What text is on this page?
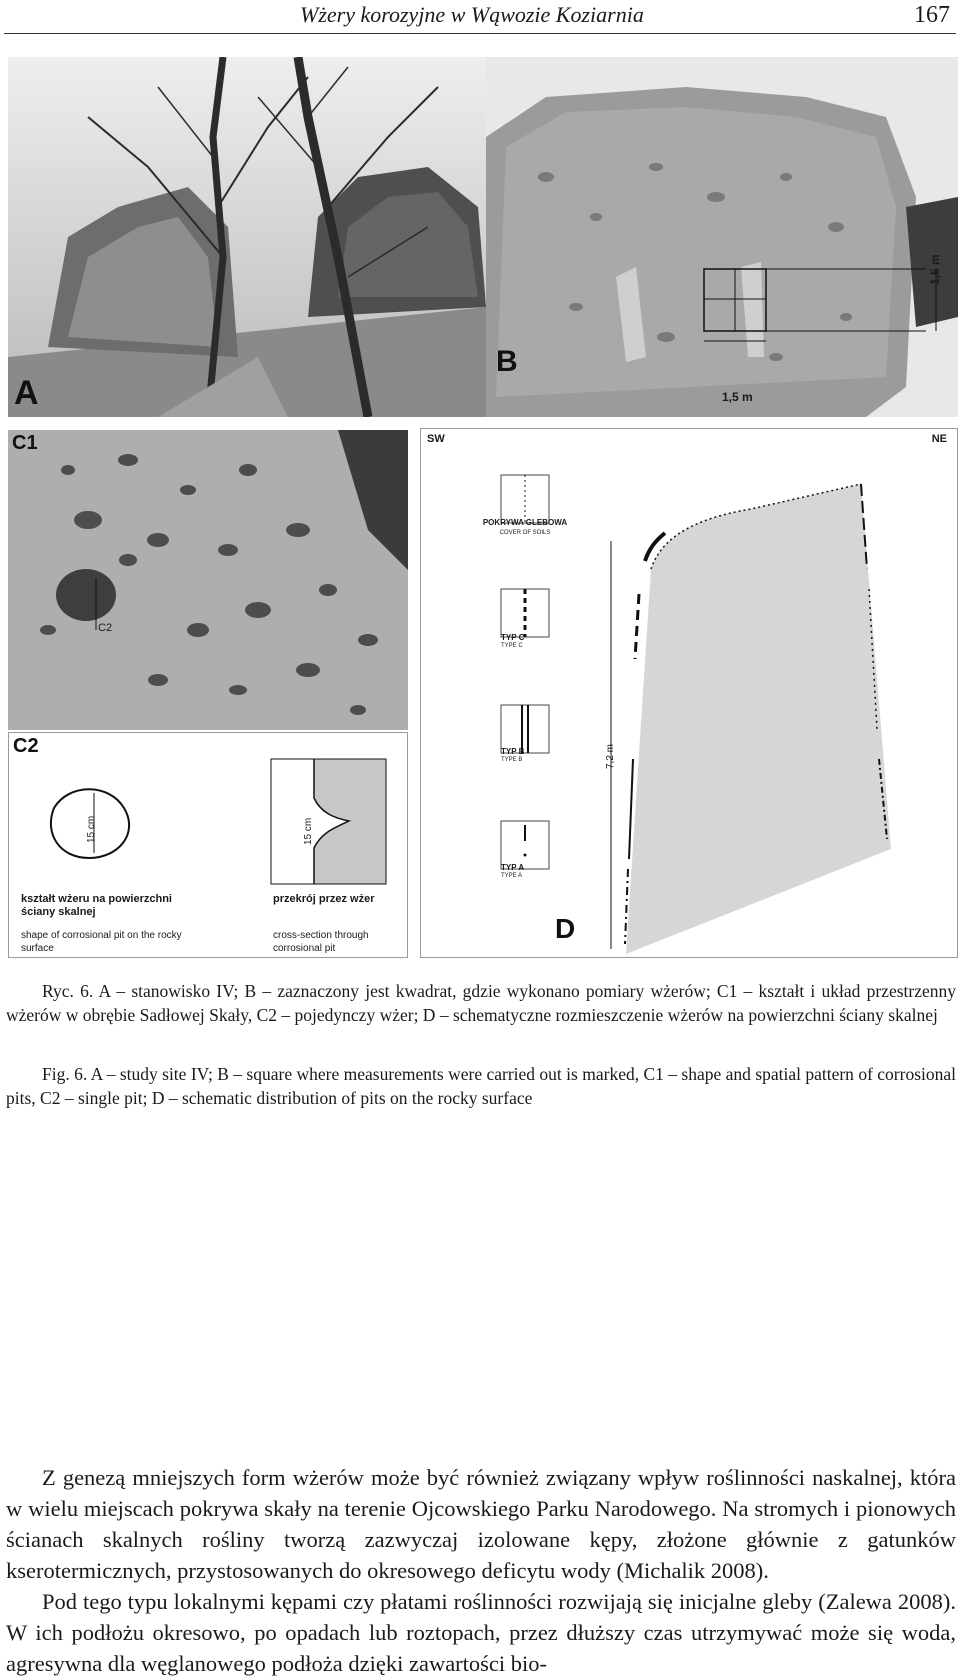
Wżery korozyjne w Wąwozie Koziarnia	167
A
B
1,5 m
1,5 m
C1
C2
C2
15 cm	15 cm
kształt wżeru na powierzchni
ściany skalnej
shape of corrosional pit on the rocky
surface
przekrój przez wżer
cross-section through
corrosional pit
SW	NE
7,2 m
POKRYWA GLEBOWA
COVER OF SOILS
TYP C
TYPE C
TYP B
TYPE B
TYP A
TYPE A
D

Ryc. 6. A – stanowisko IV; B – zaznaczony jest kwadrat, gdzie wykonano pomiary wżerów; C1 – kształt i układ przestrzenny wżerów w obrębie Sadłowej Skały, C2 – pojedynczy wżer; D – schematyczne rozmieszczenie wżerów na powierzchni ściany skalnej

Fig. 6. A – study site IV; B – square where measurements were carried out is marked, C1 – shape and spatial pattern of corrosional pits, C2 – single pit; D – schematic distribution of pits on the rocky surface

Z genezą mniejszych form wżerów może być również związany wpływ roślinności naskalnej, która w wielu miejscach pokrywa skały na terenie Ojcowskiego Parku Narodowego. Na stromych i pionowych ścianach skalnych rośliny tworzą zazwyczaj izolowane kępy, złożone głównie z gatunków kserotermicznych, przystosowanych do okresowego deficytu wody (Michalik 2008).

Pod tego typu lokalnymi kępami czy płatami roślinności rozwijają się inicjalne gleby (Zalewa 2008). W ich podłożu okresowo, po opadach lub roztopach, przez dłuższy czas utrzymywać może się woda, agresywna dla węglanowego podłoża dzięki zawartości bio-
